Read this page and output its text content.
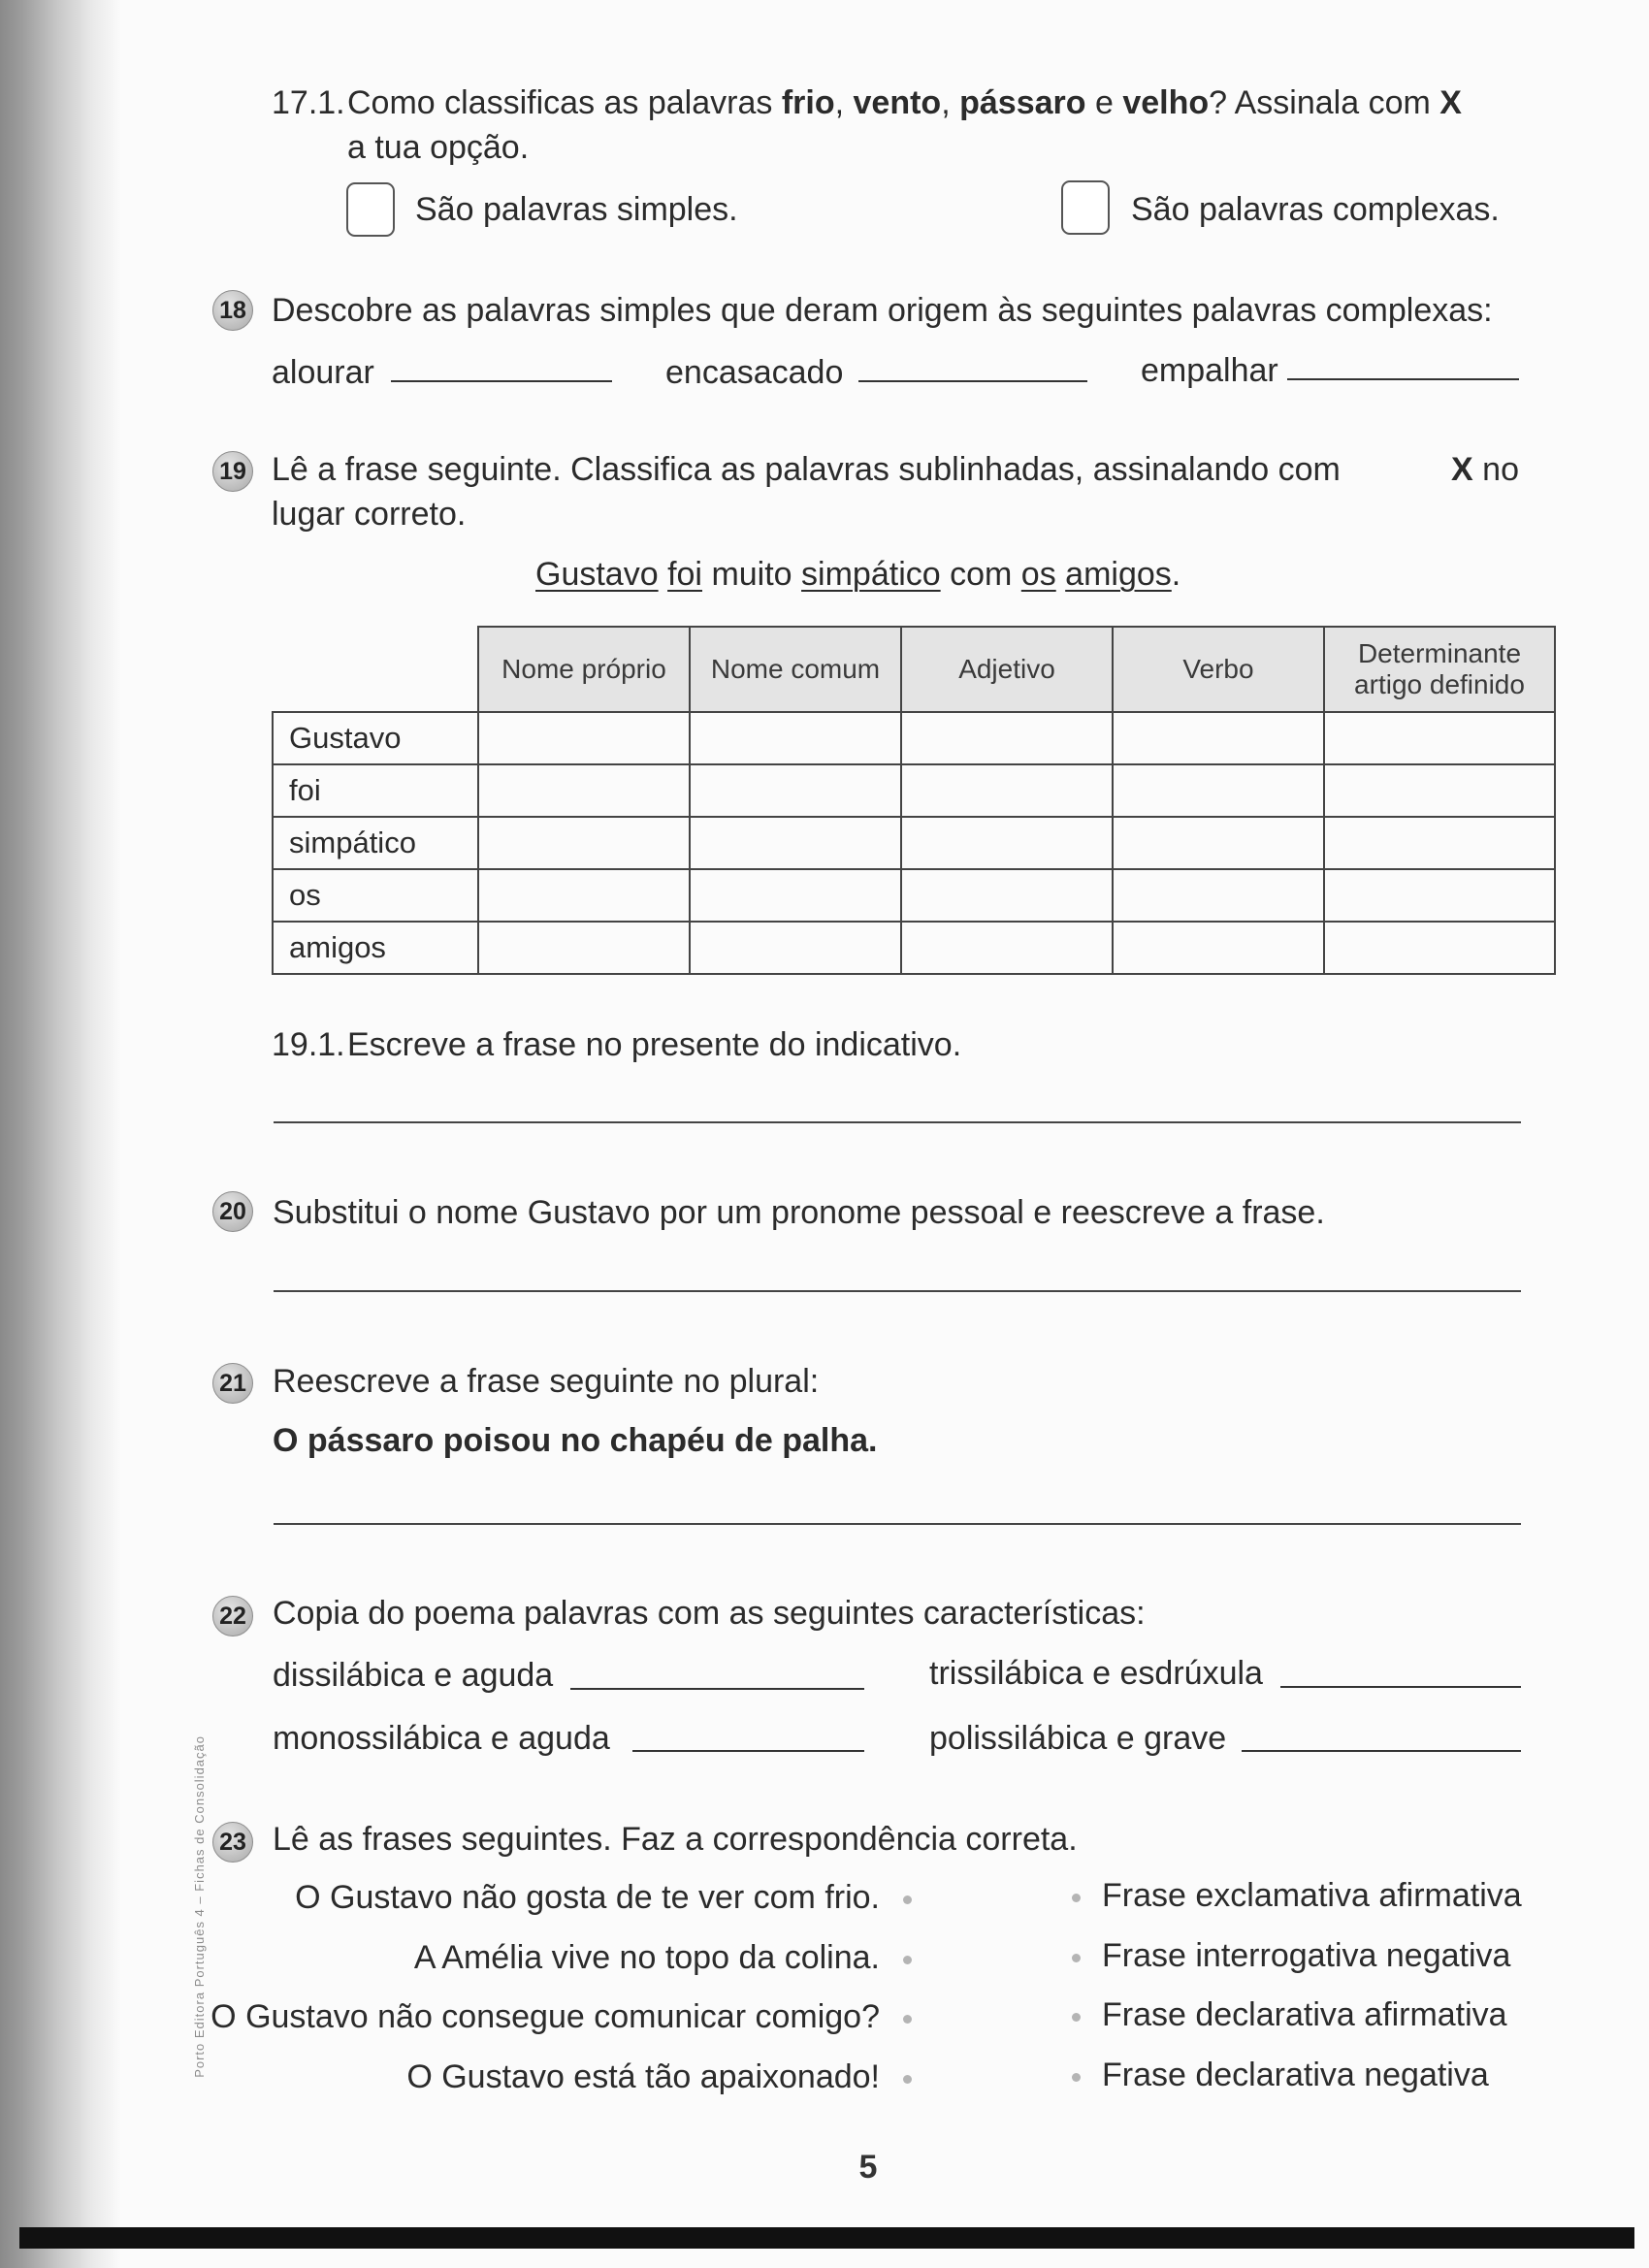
Porto Editora Português 4 – Fichas de Consolidação
17.1. Como classificas as palavras frio, vento, pássaro e velho? Assinala com X
a tua opção.
São palavras simples.	São palavras complexas.
18 Descobre as palavras simples que deram origem às seguintes palavras complexas:
alourar	encasacado	empalhar
19 Lê a frase seguinte. Classifica as palavras sublinhadas, assinalando com	X no
lugar correto.
Gustavo foi muito simpático com os amigos.
	Nome próprio	Nome comum	Adjetivo	Verbo	Determinante artigo definido
Gustavo					
foi					
simpático					
os					
amigos					
19.1. Escreve a frase no presente do indicativo.
20 Substitui o nome Gustavo por um pronome pessoal e reescreve a frase.
21 Reescreve a frase seguinte no plural:
O pássaro poisou no chapéu de palha.
22 Copia do poema palavras com as seguintes características:
dissilábica e aguda	trissilábica e esdrúxula
monossilábica e aguda	polissilábica e grave
23 Lê as frases seguintes. Faz a correspondência correta.
O Gustavo não gosta de te ver com frio.
A Amélia vive no topo da colina.
O Gustavo não consegue comunicar comigo?
O Gustavo está tão apaixonado!
Frase exclamativa afirmativa
Frase interrogativa negativa
Frase declarativa afirmativa
Frase declarativa negativa
5
